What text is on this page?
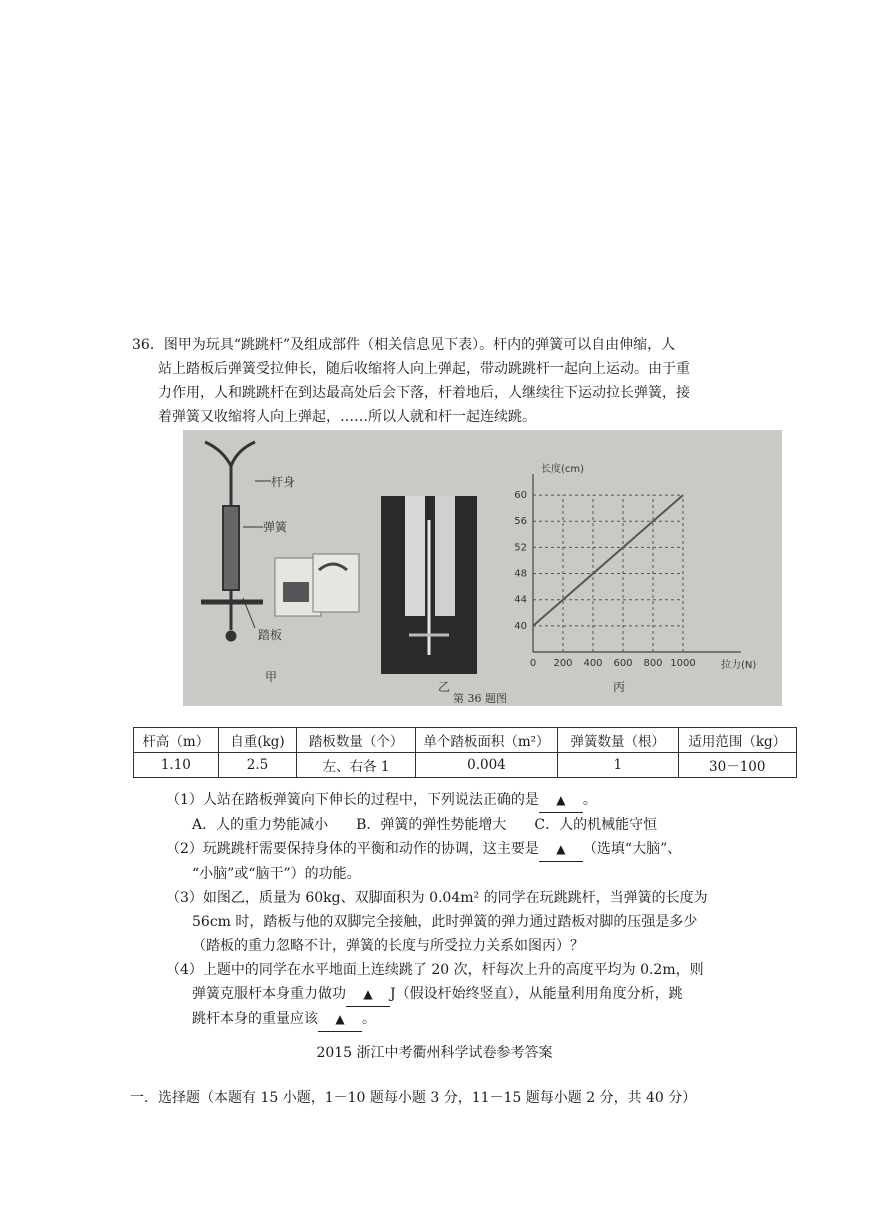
36．图甲为玩具“跳跳杆”及组成部件（相关信息见下表）。杆内的弹簧可以自由伸缩，人
站上踏板后弹簧受拉伸长，随后收缩将人向上弹起，带动跳跳杆一起向上运动。由于重
力作用，人和跳跳杆在到达最高处后会下落，杆着地后，人继续往下运动拉长弹簧，接
着弹簧又收缩将人向上弹起，……所以人就和杆一起连续跳。
0 200 400 600 800 1000
40
44
48
52
56
60
长度(cm)
拉力(N)
杆身
弹簧
踏板
甲
乙	丙
第 36 题图
杆高（m）	自重(kg)	踏板数量（个）	单个踏板面积（m²）	弹簧数量（根）	适用范围（kg）
1.10	2.5	左、右各 1	0.004	1	30－100
（1）人站在踏板弹簧向下伸长的过程中，下列说法正确的是 ▲ 。
A．人的重力势能减小　　B．弹簧的弹性势能增大　　C．人的机械能守恒
（2）玩跳跳杆需要保持身体的平衡和动作的协调，这主要是 ▲ （选填“大脑”、
“小脑”或“脑干”）的功能。
（3）如图乙，质量为 60kg、双脚面积为 0.04m² 的同学在玩跳跳杆，当弹簧的长度为
56cm 时，踏板与他的双脚完全接触，此时弹簧的弹力通过踏板对脚的压强是多少
（踏板的重力忽略不计，弹簧的长度与所受拉力关系如图丙）？
（4）上题中的同学在水平地面上连续跳了 20 次，杆每次上升的高度平均为 0.2m，则
弹簧克服杆本身重力做功 ▲ J（假设杆始终竖直），从能量利用角度分析，跳
跳杆本身的重量应该 ▲ 。
2015 浙江中考衢州科学试卷参考答案
一．选择题（本题有 15 小题，1－10 题每小题 3 分，11－15 题每小题 2 分，共 40 分）
